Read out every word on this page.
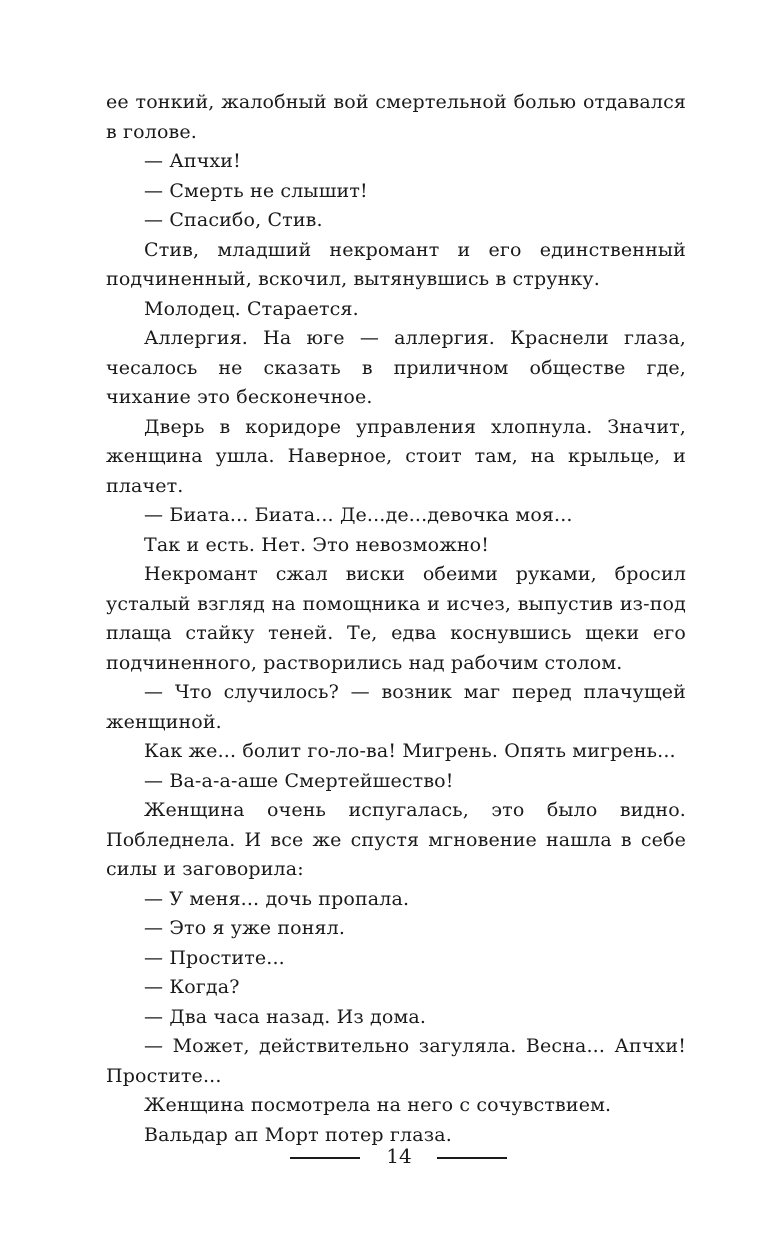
ее тонкий, жалобный вой смертельной болью отдавался в голове.

— Апчхи!

— Смерть не слышит!

— Спасибо, Стив.

Стив, младший некромант и его единственный подчиненный, вскочил, вытянувшись в струнку.

Молодец. Старается.

Аллергия. На юге — аллергия. Краснели глаза, чесалось не сказать в приличном обществе где, чихание это бесконечное.

Дверь в коридоре управления хлопнула. Значит, женщина ушла. Наверное, стоит там, на крыльце, и плачет.

— Биата... Биата... Де...де...девочка моя...

Так и есть. Нет. Это невозможно!

Некромант сжал виски обеими руками, бросил усталый взгляд на помощника и исчез, выпустив из-под плаща стайку теней. Те, едва коснувшись щеки его подчиненного, растворились над рабочим столом.

— Что случилось? — возник маг перед плачущей женщиной.

Как же... болит го-ло-ва! Мигрень. Опять мигрень...

— Ва-а-а-аше Смертейшество!

Женщина очень испугалась, это было видно. Побледнела. И все же спустя мгновение нашла в себе силы и заговорила:

— У меня... дочь пропала.

— Это я уже понял.

— Простите...

— Когда?

— Два часа назад. Из дома.

— Может, действительно загуляла. Весна... Апчхи! Простите...

Женщина посмотрела на него с сочувствием.

Вальдар ап Морт потер глаза.

14
